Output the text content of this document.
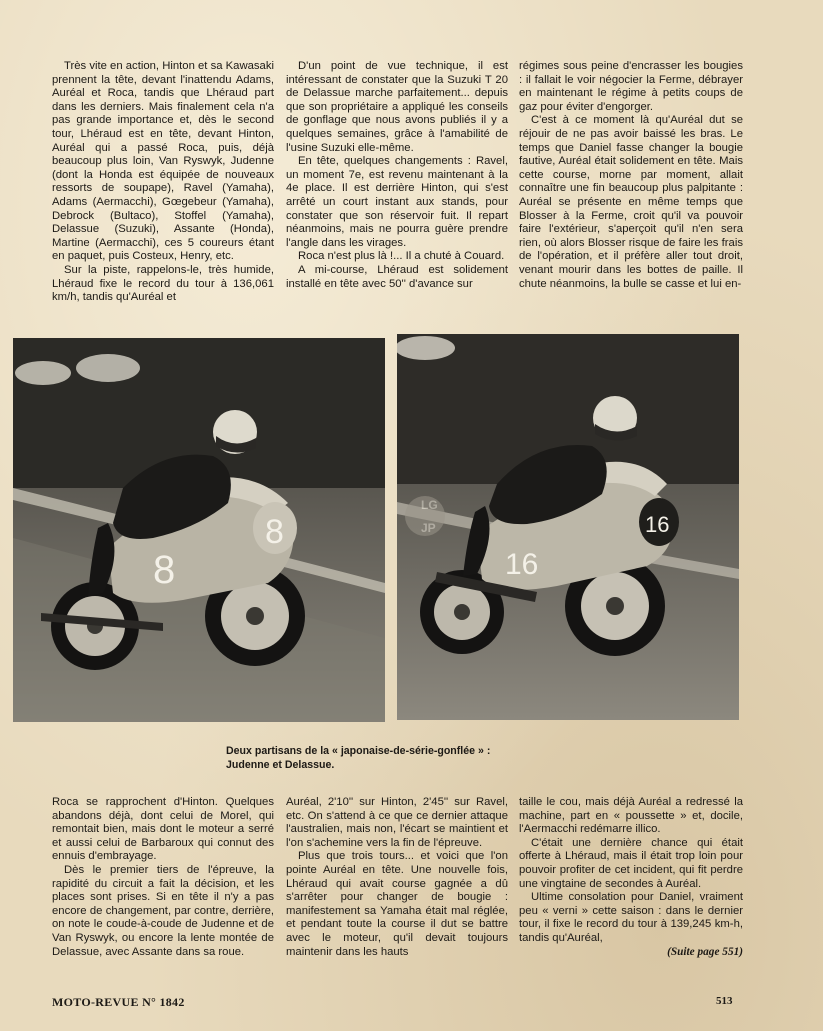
Très vite en action, Hinton et sa Kawasaki prennent la tête, devant l'inattendu Adams, Auréal et Roca, tandis que Lhéraud part dans les derniers. Mais finalement cela n'a pas grande importance et, dès le second tour, Lhéraud est en tête, devant Hinton, Auréal qui a passé Roca, puis, déjà beaucoup plus loin, Van Ryswyk, Judenne (dont la Honda est équipée de nouveaux ressorts de soupape), Ravel (Yamaha), Adams (Aermacchi), Gœgebeur (Yamaha), Debrock (Bultaco), Stoffel (Yamaha), Delassue (Suzuki), Assante (Honda), Martine (Aermacchi), ces 5 coureurs étant en paquet, puis Costeux, Henry, etc.

Sur la piste, rappelons-le, très humide, Lhéraud fixe le record du tour à 136,061 km/h, tandis qu'Auréal et

D'un point de vue technique, il est intéressant de constater que la Suzuki T 20 de Delassue marche parfaitement... depuis que son propriétaire a appliqué les conseils de gonflage que nous avons publiés il y a quelques semaines, grâce à l'amabilité de l'usine Suzuki elle-même.

En tête, quelques changements : Ravel, un moment 7e, est revenu maintenant à la 4e place. Il est derrière Hinton, qui s'est arrêté un court instant aux stands, pour constater que son réservoir fuit. Il repart néanmoins, mais ne pourra guère prendre l'angle dans les virages.

Roca n'est plus là !... Il a chuté à Couard.

A mi-course, Lhéraud est solidement installé en tête avec 50'' d'avance sur

régimes sous peine d'encrasser les bougies : il fallait le voir négocier la Ferme, débrayer en maintenant le régime à petits coups de gaz pour éviter d'engorger.

C'est à ce moment là qu'Auréal dut se réjouir de ne pas avoir baissé les bras. Le temps que Daniel fasse changer la bougie fautive, Auréal était solidement en tête. Mais cette course, morne par moment, allait connaître une fin beaucoup plus palpitante : Auréal se présente en même temps que Blosser à la Ferme, croit qu'il va pouvoir faire l'extérieur, s'aperçoit qu'il n'en sera rien, où alors Blosser risque de faire les frais de l'opération, et il préfère aller tout droit, venant mourir dans les bottes de paille. Il chute néanmoins, la bulle se casse et lui en-

8
8
16
16
LG
JP
Deux partisans de la « japonaise-de-série-gonflée » :
Judenne et Delassue.

Roca se rapprochent d'Hinton. Quelques abandons déjà, dont celui de Morel, qui remontait bien, mais dont le moteur a serré et aussi celui de Barbaroux qui connut des ennuis d'embrayage.

Dès le premier tiers de l'épreuve, la rapidité du circuit a fait la décision, et les places sont prises. Si en tête il n'y a pas encore de changement, par contre, derrière, on note le coude-à-coude de Judenne et de Van Ryswyk, ou encore la lente montée de Delassue, avec Assante dans sa roue.

Auréal, 2'10'' sur Hinton, 2'45'' sur Ravel, etc. On s'attend à ce que ce dernier attaque l'australien, mais non, l'écart se maintient et l'on s'achemine vers la fin de l'épreuve.

Plus que trois tours... et voici que l'on pointe Auréal en tête. Une nouvelle fois, Lhéraud qui avait course gagnée a dû s'arrêter pour changer de bougie : manifestement sa Yamaha était mal réglée, et pendant toute la course il dut se battre avec le moteur, qu'il devait toujours maintenir dans les hauts

taille le cou, mais déjà Auréal a redressé la machine, part en « poussette » et, docile, l'Aermacchi redémarre illico.

C'était une dernière chance qui était offerte à Lhéraud, mais il était trop loin pour pouvoir profiter de cet incident, qui fit perdre une vingtaine de secondes à Auréal.

Ultime consolation pour Daniel, vraiment peu « verni » cette saison : dans le dernier tour, il fixe le record du tour à 139,245 km-h, tandis qu'Auréal,

(Suite page 551)

MOTO-REVUE N° 1842	513
